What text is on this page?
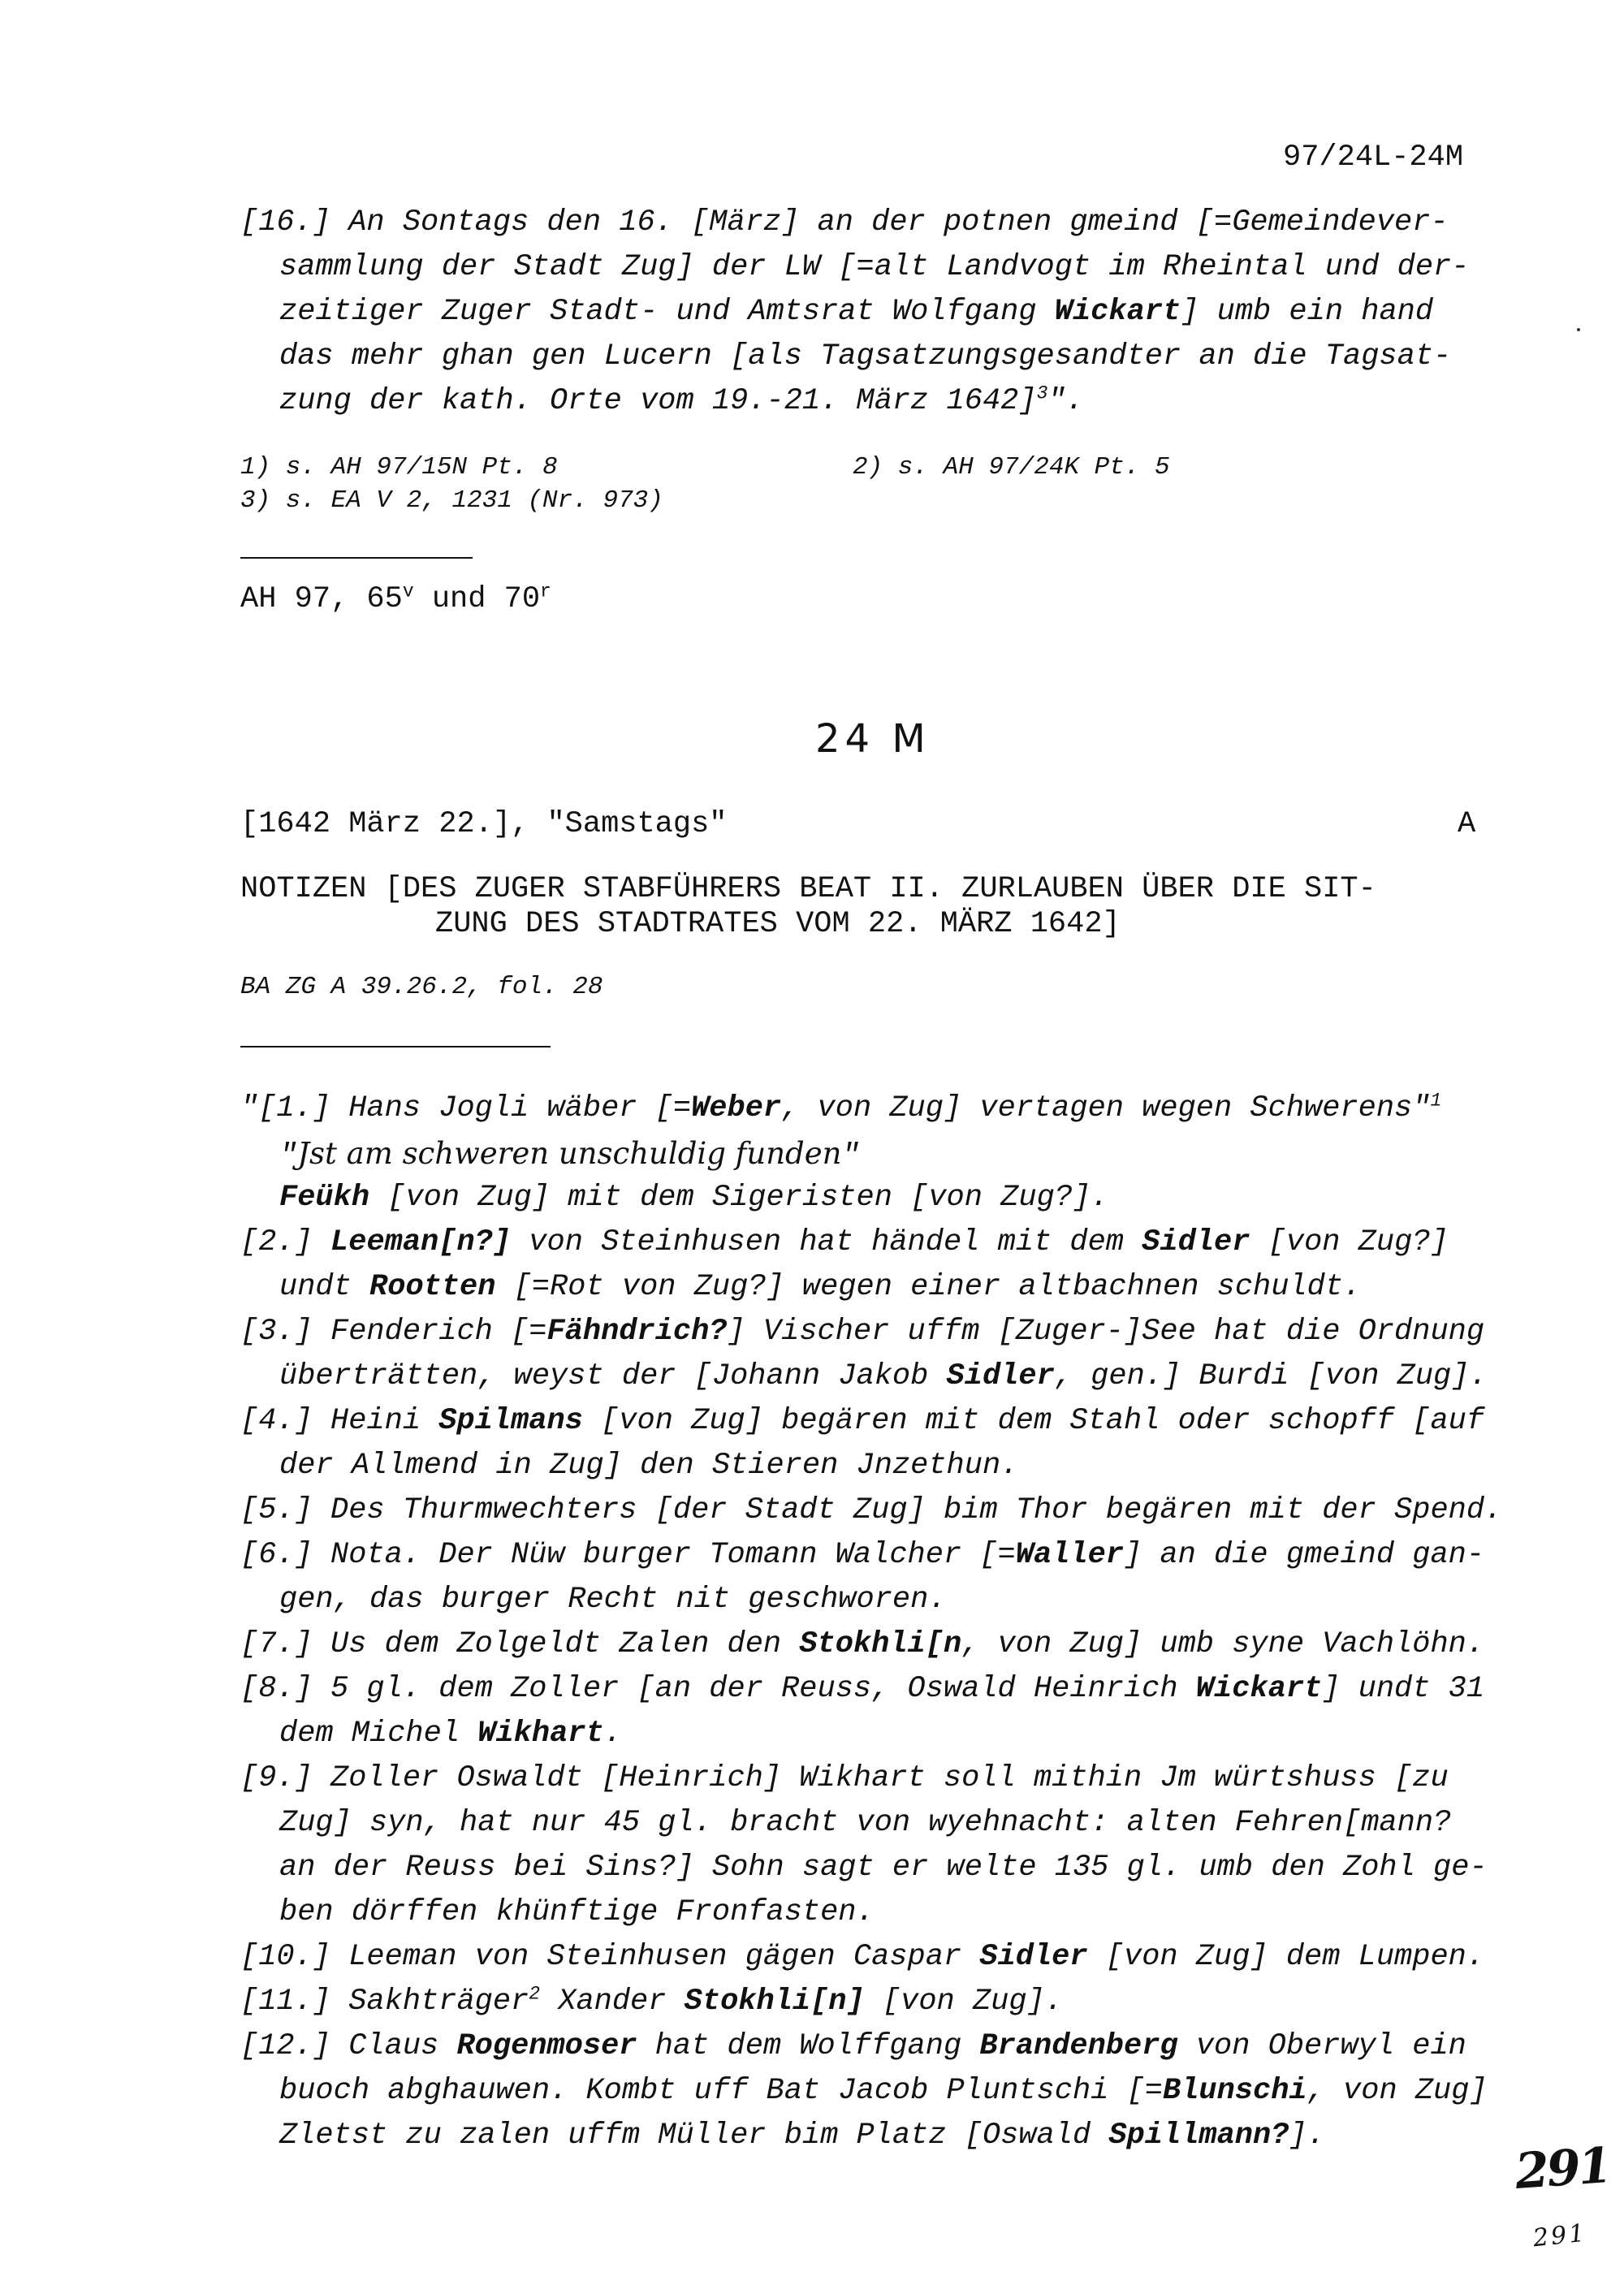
97/24L-24M
[16.] An Sontags den 16. [März] an der potnen gmeind [=Gemeindever-
sammlung der Stadt Zug] der LW [=alt Landvogt im Rheintal und der-
zeitiger Zuger Stadt- und Amtsrat Wolfgang Wickart] umb ein hand
das mehr ghan gen Lucern [als Tagsatzungsgesandter an die Tagsat-
zung der kath. Orte vom 19.-21. März 1642]$^3$".
1) s. AH 97/15N Pt. 8	2) s. AH 97/24K Pt. 5
3) s. EA V 2, 1231 (Nr. 973)
AH 97, 65$^v$ und 70$^r$
24 M
[1642 März 22.], "Samstags"	A
NOTIZEN [DES ZUGER STABFÜHRERS BEAT II. ZURLAUBEN ÜBER DIE SIT-
ZUNG DES STADTRATES VOM 22. MÄRZ 1642]
BA ZG A 39.26.2, fol. 28
"[1.] Hans Jogli wäber [=Weber, von Zug] vertagen wegen Schwerens"$^1$
"Jst am schweren unschuldig funden"
Feükh [von Zug] mit dem Sigeristen [von Zug?].
[2.] Leeman[n?] von Steinhusen hat händel mit dem Sidler [von Zug?]
undt Rootten [=Rot von Zug?] wegen einer altbachnen schuldt.
[3.] Fenderich [=Fähndrich?] Vischer uffm [Zuger-]See hat die Ordnung
überträtten, weyst der [Johann Jakob Sidler, gen.] Burdi [von Zug].
[4.] Heini Spilmans [von Zug] begären mit dem Stahl oder schopff [auf
der Allmend in Zug] den Stieren Jnzethun.
[5.] Des Thurmwechters [der Stadt Zug] bim Thor begären mit der Spend.
[6.] Nota. Der Nüw burger Tomann Walcher [=Waller] an die gmeind gan-
gen, das burger Recht nit geschworen.
[7.] Us dem Zolgeldt Zalen den Stokhli[n, von Zug] umb syne Vachlöhn.
[8.] 5 gl. dem Zoller [an der Reuss, Oswald Heinrich Wickart] undt 31
dem Michel Wikhart.
[9.] Zoller Oswaldt [Heinrich] Wikhart soll mithin Jm würtshuss [zu
Zug] syn, hat nur 45 gl. bracht von wyehnacht: alten Fehren[mann?
an der Reuss bei Sins?] Sohn sagt er welte 135 gl. umb den Zohl ge-
ben dörffen khünftige Fronfasten.
[10.] Leeman von Steinhusen gägen Caspar Sidler [von Zug] dem Lumpen.
[11.] Sakhträger$^2$ Xander Stokhli[n] [von Zug].
[12.] Claus Rogenmoser hat dem Wolffgang Brandenberg von Oberwyl ein
buoch abghauwen. Kombt uff Bat Jacob Pluntschi [=Blunschi, von Zug]
Zletst zu zalen uffm Müller bim Platz [Oswald Spillmann?].
291
291
